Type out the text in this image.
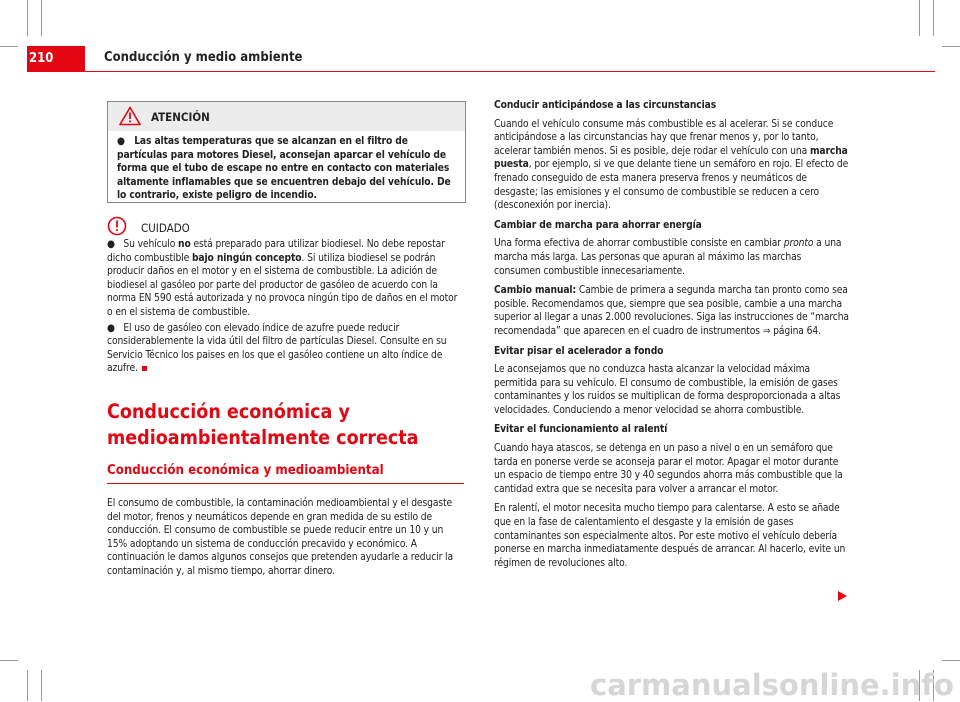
210	Conducción y medio ambiente
ATENCIÓN

● Las altas temperaturas que se alcanzan en el filtro de partículas para motores Diesel, aconsejan aparcar el vehículo de forma que el tubo de escape no entre en contacto con materiales altamente inflamables que se encuentren debajo del vehículo. De lo contrario, existe peligro de incendio.

CUIDADO

● Su vehículo no está preparado para utilizar biodiesel. No debe repostar dicho combustible bajo ningún concepto. Si utiliza biodiesel se podrán producir daños en el motor y en el sistema de combustible. La adición de biodiesel al gasóleo por parte del productor de gasóleo de acuerdo con la norma EN 590 está autorizada y no provoca ningún tipo de daños en el motor o en el sistema de combustible.

● El uso de gasóleo con elevado índice de azufre puede reducir considerablemente la vida útil del filtro de partículas Diesel. Consulte en su Servicio Técnico los paises en los que el gasóleo contiene un alto índice de azufre.

Conducción económica y medioambientalmente correcta
Conducción económica y medioambiental
El consumo de combustible, la contaminación medioambiental y el desgaste del motor, frenos y neumáticos depende en gran medida de su estilo de conducción. El consumo de combustible se puede reducir entre un 10 y un 15% adoptando un sistema de conducción precavido y económico. A continuación le damos algunos consejos que pretenden ayudarle a reducir la contaminación y, al mismo tiempo, ahorrar dinero.

Conducir anticipándose a las circunstancias

Cuando el vehículo consume más combustible es al acelerar. Si se conduce anticipándose a las circunstancias hay que frenar menos y, por lo tanto, acelerar también menos. Si es posible, deje rodar el vehículo con una marcha puesta, por ejemplo, si ve que delante tiene un semáforo en rojo. El efecto de frenado conseguido de esta manera preserva frenos y neumáticos de desgaste; las emisiones y el consumo de combustible se reducen a cero (desconexión por inercia).

Cambiar de marcha para ahorrar energía

Una forma efectiva de ahorrar combustible consiste en cambiar pronto a una marcha más larga. Las personas que apuran al máximo las marchas consumen combustible innecesariamente.

Cambio manual: Cambie de primera a segunda marcha tan pronto como sea posible. Recomendamos que, siempre que sea posible, cambie a una marcha superior al llegar a unas 2.000 revoluciones. Siga las instrucciones de “marcha recomendada” que aparecen en el cuadro de instrumentos ⇒ página 64.

Evitar pisar el acelerador a fondo

Le aconsejamos que no conduzca hasta alcanzar la velocidad máxima permitida para su vehículo. El consumo de combustible, la emisión de gases contaminantes y los ruidos se multiplican de forma desproporcionada a altas velocidades. Conduciendo a menor velocidad se ahorra combustible.

Evitar el funcionamiento al ralentí

Cuando haya atascos, se detenga en un paso a nivel o en un semáforo que tarda en ponerse verde se aconseja parar el motor. Apagar el motor durante un espacio de tiempo entre 30 y 40 segundos ahorra más combustible que la cantidad extra que se necesita para volver a arrancar el motor.

En ralentí, el motor necesita mucho tiempo para calentarse. A esto se añade que en la fase de calentamiento el desgaste y la emisión de gases contaminantes son especialmente altos. Por este motivo el vehículo debería ponerse en marcha inmediatamente después de arrancar. Al hacerlo, evite un régimen de revoluciones alto.

carmanualsonline.info
